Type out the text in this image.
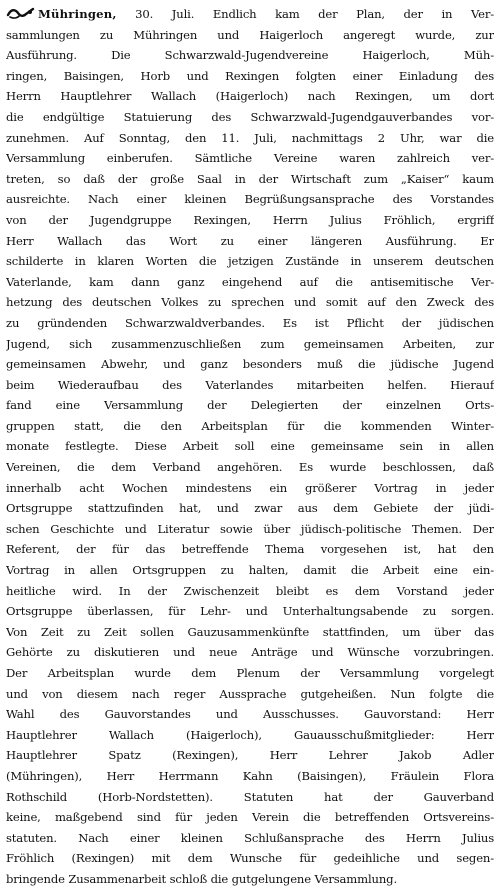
Mühringen, 30. Juli. Endlich kam der Plan, der in Ver-
sammlungen zu Mühringen und Haigerloch angeregt wurde, zur
Ausführung. Die Schwarzwald-Jugendvereine Haigerloch, Müh-
ringen, Baisingen, Horb und Rexingen folgten einer Einladung des
Herrn Hauptlehrer Wallach (Haigerloch) nach Rexingen, um dort
die endgültige Statuierung des Schwarzwald-Jugendgauverbandes vor-
zunehmen. Auf Sonntag, den 11. Juli, nachmittags 2 Uhr, war die
Versammlung einberufen. Sämtliche Vereine waren zahlreich ver-
treten, so daß der große Saal in der Wirtschaft zum „Kaiser“ kaum
ausreichte. Nach einer kleinen Begrüßungsansprache des Vorstandes
von der Jugendgruppe Rexingen, Herrn Julius Fröhlich, ergriff
Herr Wallach das Wort zu einer längeren Ausführung. Er
schilderte in klaren Worten die jetzigen Zustände in unserem deutschen
Vaterlande, kam dann ganz eingehend auf die antisemitische Ver-
hetzung des deutschen Volkes zu sprechen und somit auf den Zweck des
zu gründenden Schwarzwaldverbandes. Es ist Pflicht der jüdischen
Jugend, sich zusammenzuschließen zum gemeinsamen Arbeiten, zur
gemeinsamen Abwehr, und ganz besonders muß die jüdische Jugend
beim Wiederaufbau des Vaterlandes mitarbeiten helfen. Hierauf
fand eine Versammlung der Delegierten der einzelnen Orts-
gruppen statt, die den Arbeitsplan für die kommenden Winter-
monate festlegte. Diese Arbeit soll eine gemeinsame sein in allen
Vereinen, die dem Verband angehören. Es wurde beschlossen, daß
innerhalb acht Wochen mindestens ein größerer Vortrag in jeder
Ortsgruppe stattzufinden hat, und zwar aus dem Gebiete der jüdi-
schen Geschichte und Literatur sowie über jüdisch-politische Themen. Der
Referent, der für das betreffende Thema vorgesehen ist, hat den
Vortrag in allen Ortsgruppen zu halten, damit die Arbeit eine ein-
heitliche wird. In der Zwischenzeit bleibt es dem Vorstand jeder
Ortsgruppe überlassen, für Lehr- und Unterhaltungsabende zu sorgen.
Von Zeit zu Zeit sollen Gauzusammenkünfte stattfinden, um über das
Gehörte zu diskutieren und neue Anträge und Wünsche vorzubringen.
Der Arbeitsplan wurde dem Plenum der Versammlung vorgelegt
und von diesem nach reger Aussprache gutgeheißen. Nun folgte die
Wahl des Gauvorstandes und Ausschusses. Gauvorstand: Herr
Hauptlehrer Wallach (Haigerloch), Gauausschußmitglieder: Herr
Hauptlehrer Spatz (Rexingen), Herr Lehrer Jakob Adler
(Mühringen), Herr Herrmann Kahn (Baisingen), Fräulein Flora
Rothschild (Horb-Nordstetten). Statuten hat der Gauverband
keine, maßgebend sind für jeden Verein die betreffenden Ortsvereins-
statuten. Nach einer kleinen Schlußansprache des Herrn Julius
Fröhlich (Rexingen) mit dem Wunsche für gedeihliche und segen-
bringende Zusammenarbeit schloß die gutgelungene Versammlung.
